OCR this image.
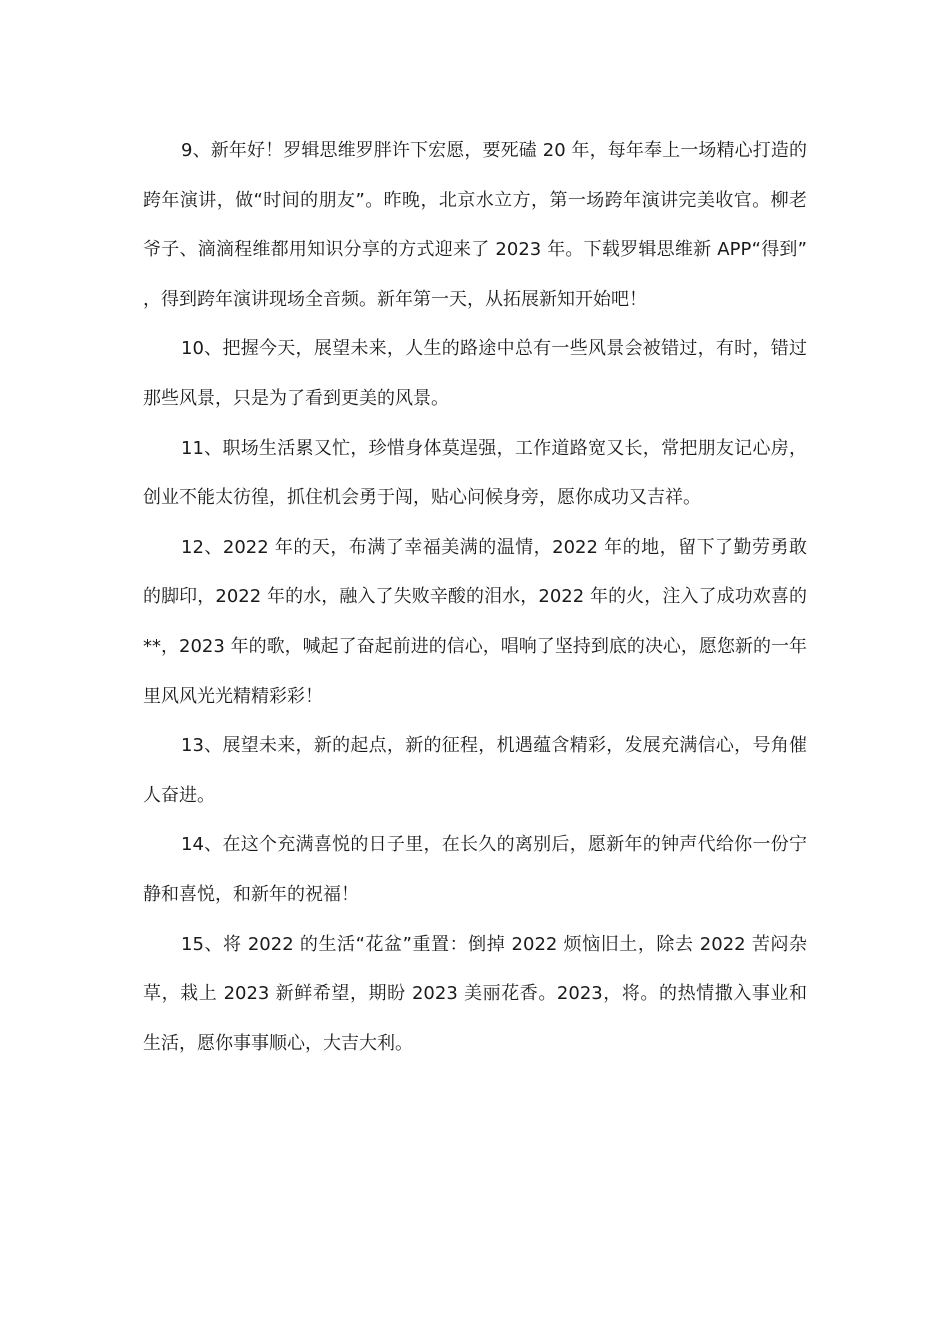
9、新年好！罗辑思维罗胖许下宏愿，要死磕 20 年，每年奉上一场精心打造的跨年演讲，做“时间的朋友”。昨晚，北京水立方，第一场跨年演讲完美收官。柳老爷子、滴滴程维都用知识分享的方式迎来了 2023 年。下载罗辑思维新 APP“得到”，得到跨年演讲现场全音频。新年第一天，从拓展新知开始吧！

10、把握今天，展望未来，人生的路途中总有一些风景会被错过，有时，错过那些风景，只是为了看到更美的风景。

11、职场生活累又忙，珍惜身体莫逞强，工作道路宽又长，常把朋友记心房，创业不能太彷徨，抓住机会勇于闯，贴心问候身旁，愿你成功又吉祥。

12、2022 年的天，布满了幸福美满的温情，2022 年的地，留下了勤劳勇敢的脚印，2022 年的水，融入了失败辛酸的泪水，2022 年的火，注入了成功欢喜的**，2023 年的歌，喊起了奋起前进的信心，唱响了坚持到底的决心，愿您新的一年里风风光光精精彩彩！

13、展望未来，新的起点，新的征程，机遇蕴含精彩，发展充满信心，号角催人奋进。

14、在这个充满喜悦的日子里，在长久的离别后，愿新年的钟声代给你一份宁静和喜悦，和新年的祝福！

15、将 2022 的生活“花盆”重置：倒掉 2022 烦恼旧土，除去 2022 苦闷杂草，栽上 2023 新鲜希望，期盼 2023 美丽花香。2023，将。的热情撒入事业和生活，愿你事事顺心，大吉大利。
